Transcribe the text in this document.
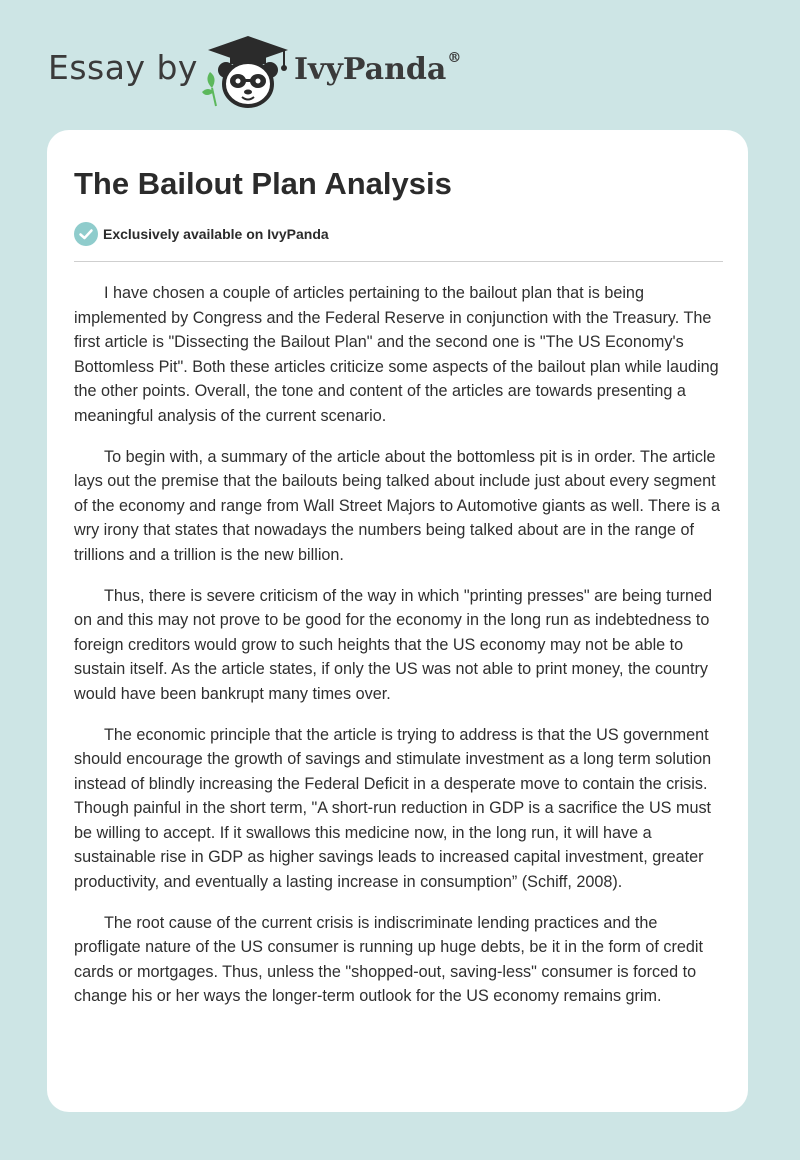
Essay by	IvyPanda®
The Bailout Plan Analysis
Exclusively available on IvyPanda

I have chosen a couple of articles pertaining to the bailout plan that is being implemented by Congress and the Federal Reserve in conjunction with the Treasury. The first article is "Dissecting the Bailout Plan" and the second one is "The US Economy's Bottomless Pit". Both these articles criticize some aspects of the bailout plan while lauding the other points. Overall, the tone and content of the articles are towards presenting a meaningful analysis of the current scenario.

To begin with, a summary of the article about the bottomless pit is in order. The article lays out the premise that the bailouts being talked about include just about every segment of the economy and range from Wall Street Majors to Automotive giants as well. There is a wry irony that states that nowadays the numbers being talked about are in the range of trillions and a trillion is the new billion.

Thus, there is severe criticism of the way in which "printing presses" are being turned on and this may not prove to be good for the economy in the long run as indebtedness to foreign creditors would grow to such heights that the US economy may not be able to sustain itself. As the article states, if only the US was not able to print money, the country would have been bankrupt many times over.

The economic principle that the article is trying to address is that the US government should encourage the growth of savings and stimulate investment as a long term solution instead of blindly increasing the Federal Deficit in a desperate move to contain the crisis. Though painful in the short term, "A short-run reduction in GDP is a sacrifice the US must be willing to accept. If it swallows this medicine now, in the long run, it will have a sustainable rise in GDP as higher savings leads to increased capital investment, greater productivity, and eventually a lasting increase in consumption” (Schiff, 2008).

The root cause of the current crisis is indiscriminate lending practices and the profligate nature of the US consumer is running up huge debts, be it in the form of credit cards or mortgages. Thus, unless the "shopped-out, saving-less" consumer is forced to change his or her ways the longer-term outlook for the US economy remains grim.
